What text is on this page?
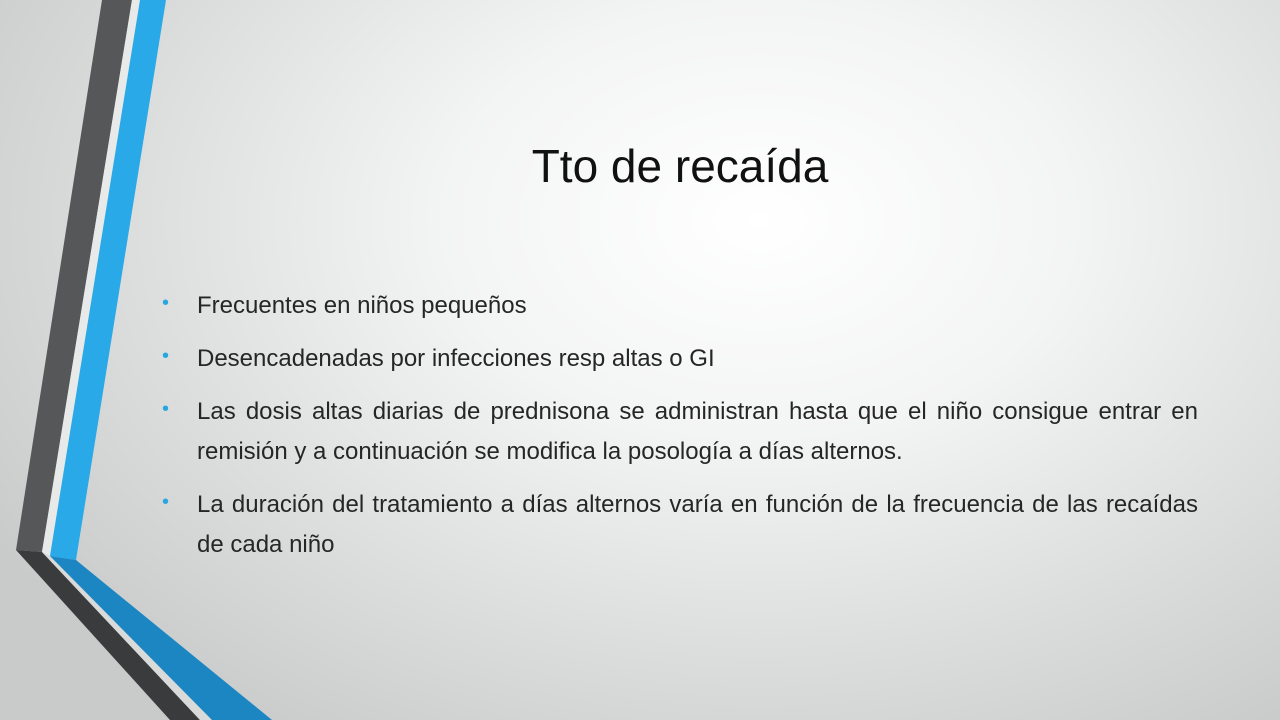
Tto de recaída
• Frecuentes en niños pequeños
• Desencadenadas por infecciones resp altas o GI
• Las dosis altas diarias de prednisona se administran hasta que el niño consigue entrar en remisión y a continuación se modifica la posología a días alternos.
• La duración del tratamiento a días alternos varía en función de la frecuencia de las recaídas de cada niño
